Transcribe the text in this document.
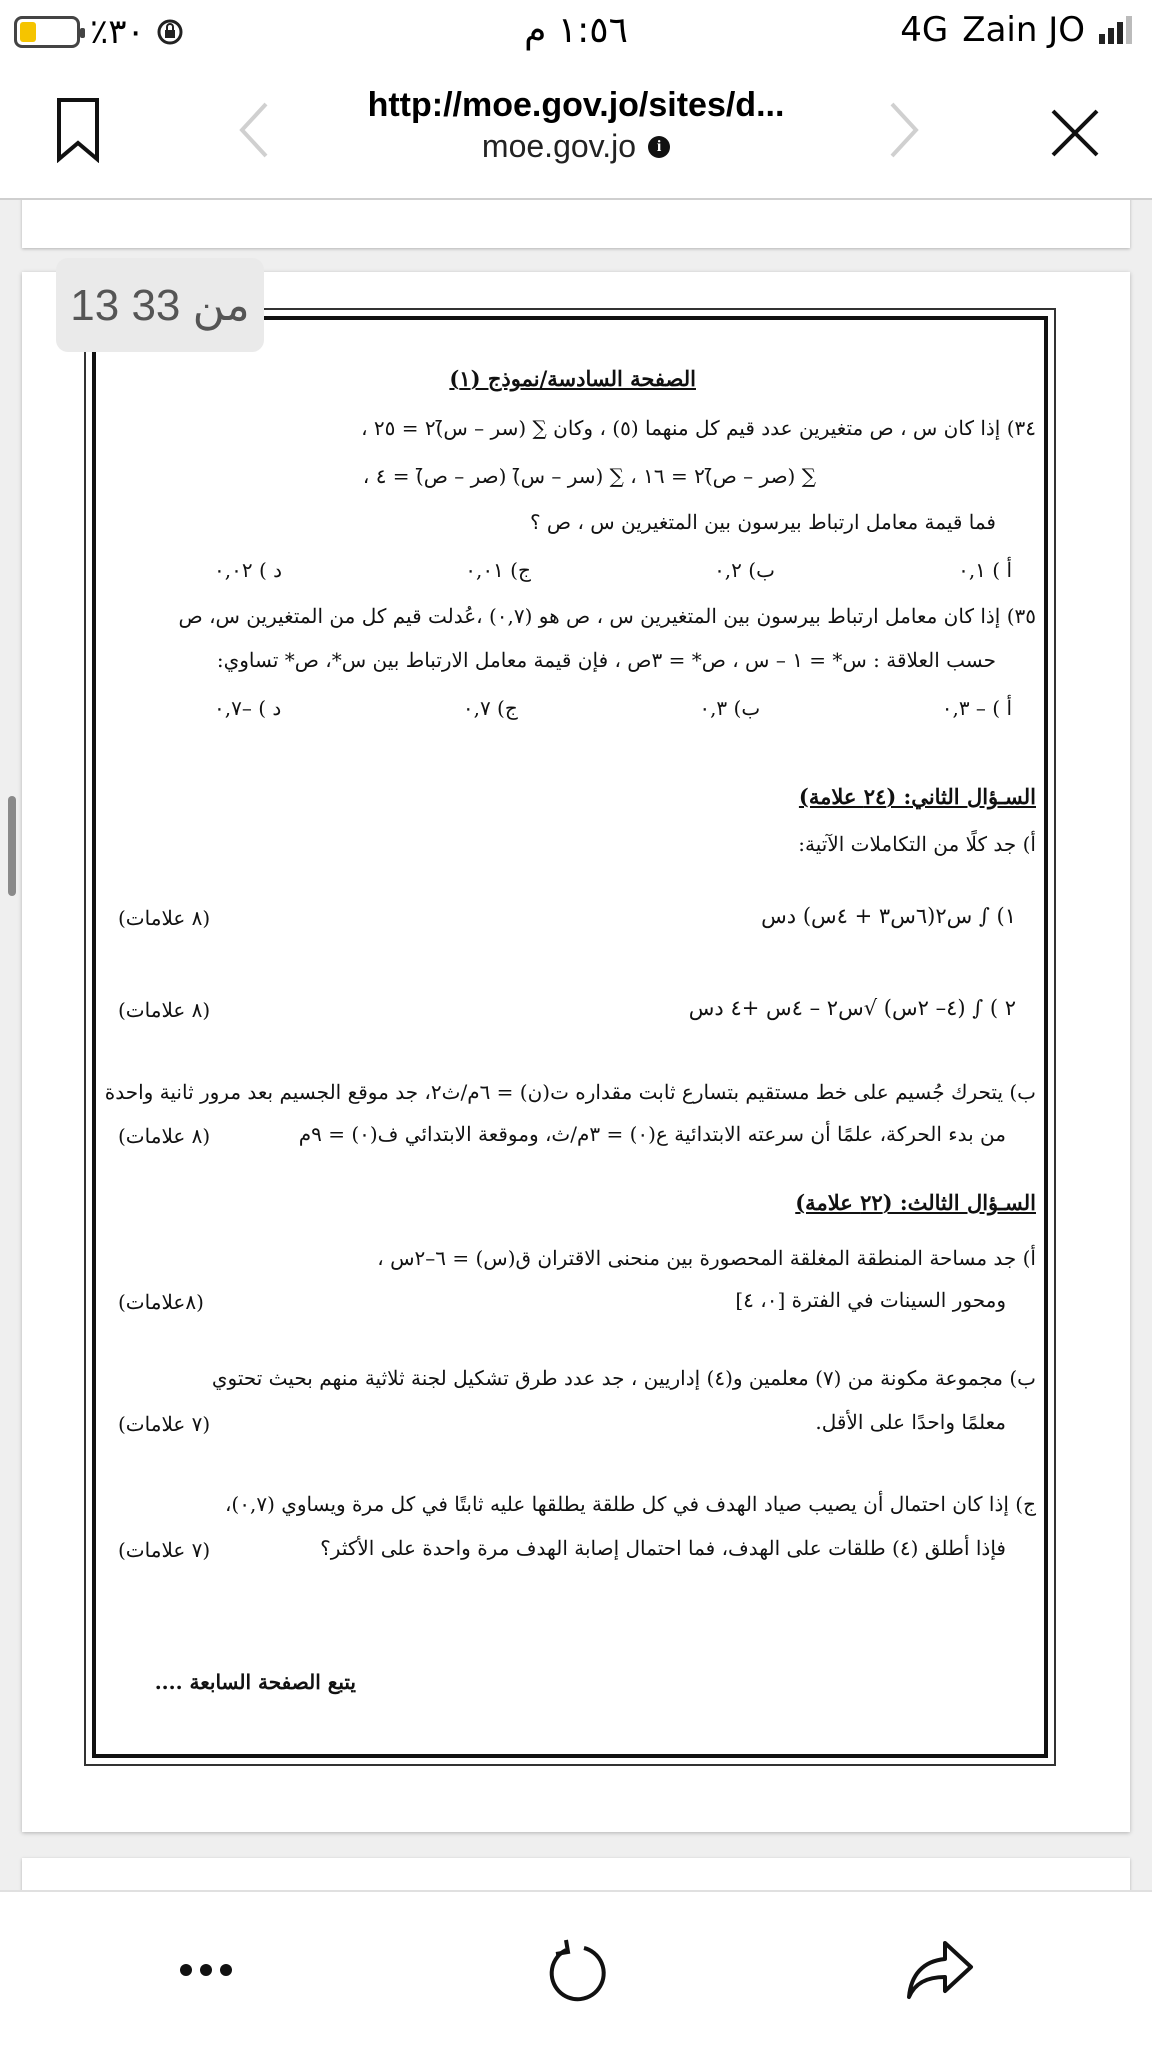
٪٣٠	١:٥٦ م	4G Zain JO
http://moe.gov.jo/sites/d...
moe.gov.jo	i
الصفحة السادسة/نموذج (١)
٣٤) إذا كان س ، ص متغيرين عدد قيم كل منهما (٥) ، وكان ∑ (سر – س̄)٢ = ٢٥ ،
∑ (صر – ص̄)٢ = ١٦ ، ∑ (سر – س̄) (صر – ص̄) = ٤ ،
فما قيمة معامل ارتباط بيرسون بين المتغيرين س ، ص ؟
أ ) ٠,١
ب) ٠,٢
ج) ٠,٠١
د ) ٠,٠٢
٣٥) إذا كان معامل ارتباط بيرسون بين المتغيرين س ، ص هو (٠,٧) ،عُدلت قيم كل من المتغيرين س، ص
حسب العلاقة : س* = ١ – س ، ص* = ٣ص ، فإن قيمة معامل الارتباط بين س*، ص* تساوي:
أ ) – ٠,٣
ب) ٠,٣
ج) ٠,٧
د ) –٠,٧
السـؤال الثاني: (٢٤ علامة)
أ) جد كلًا من التكاملات الآتية:
١) ∫ س٢(٦س٣ + ٤س) دس
(٨ علامات)
٢ ) ∫ (٤– ٢س) √س٢ – ٤س +٤ دس
(٨ علامات)
ب) يتحرك جُسيم على خط مستقيم بتسارع ثابت مقداره ت(ن) = ٦م/ث٢، جد موقع الجسيم بعد مرور ثانية واحدة
من بدء الحركة، علمًا أن سرعته الابتدائية ع(٠) = ٣م/ث، وموقعة الابتدائي ف(٠) = ٩م
(٨ علامات)
السـؤال الثالث: (٢٢ علامة)
أ) جد مساحة المنطقة المغلقة المحصورة بين منحنى الاقتران ق(س) = ٦–٢س ،
ومحور السينات في الفترة [٠، ٤]
(٨علامات)
ب) مجموعة مكونة من (٧) معلمين و(٤) إداريين ، جد عدد طرق تشكيل لجنة ثلاثية منهم بحيث تحتوي
معلمًا واحدًا على الأقل.
(٧ علامات)
ج) إذا كان احتمال أن يصيب صياد الهدف في كل طلقة يطلقها عليه ثابتًا في كل مرة ويساوي (٠,٧)،
فإذا أطلق (٤) طلقات على الهدف، فما احتمال إصابة الهدف مرة واحدة على الأكثر؟
(٧ علامات)
يتبع الصفحة السابعة ....
13 من 33
